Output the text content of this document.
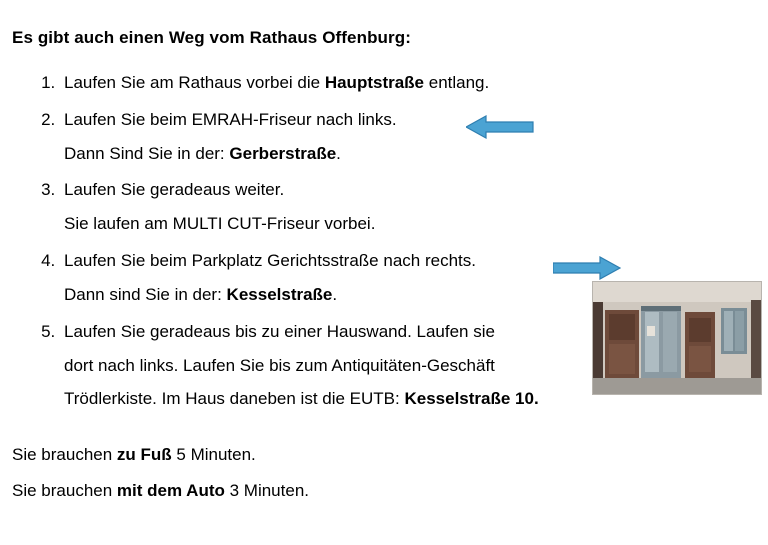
Es gibt auch einen Weg vom Rathaus Offenburg:
1. Laufen Sie am Rathaus vorbei die Hauptstraße entlang.
2. Laufen Sie beim EMRAH-Friseur nach links.
Dann Sind Sie in der: Gerberstraße.
3. Laufen Sie geradeaus weiter.
Sie laufen am MULTI CUT-Friseur vorbei.
4. Laufen Sie beim Parkplatz Gerichtsstraße nach rechts.
Dann sind Sie in der: Kesselstraße.
5. Laufen Sie geradeaus bis zu einer Hauswand. Laufen sie
dort nach links. Laufen Sie bis zum Antiquitäten-Geschäft
Trödlerkiste. Im Haus daneben ist die EUTB: Kesselstraße 10.
Sie brauchen zu Fuß 5 Minuten.
Sie brauchen mit dem Auto 3 Minuten.
